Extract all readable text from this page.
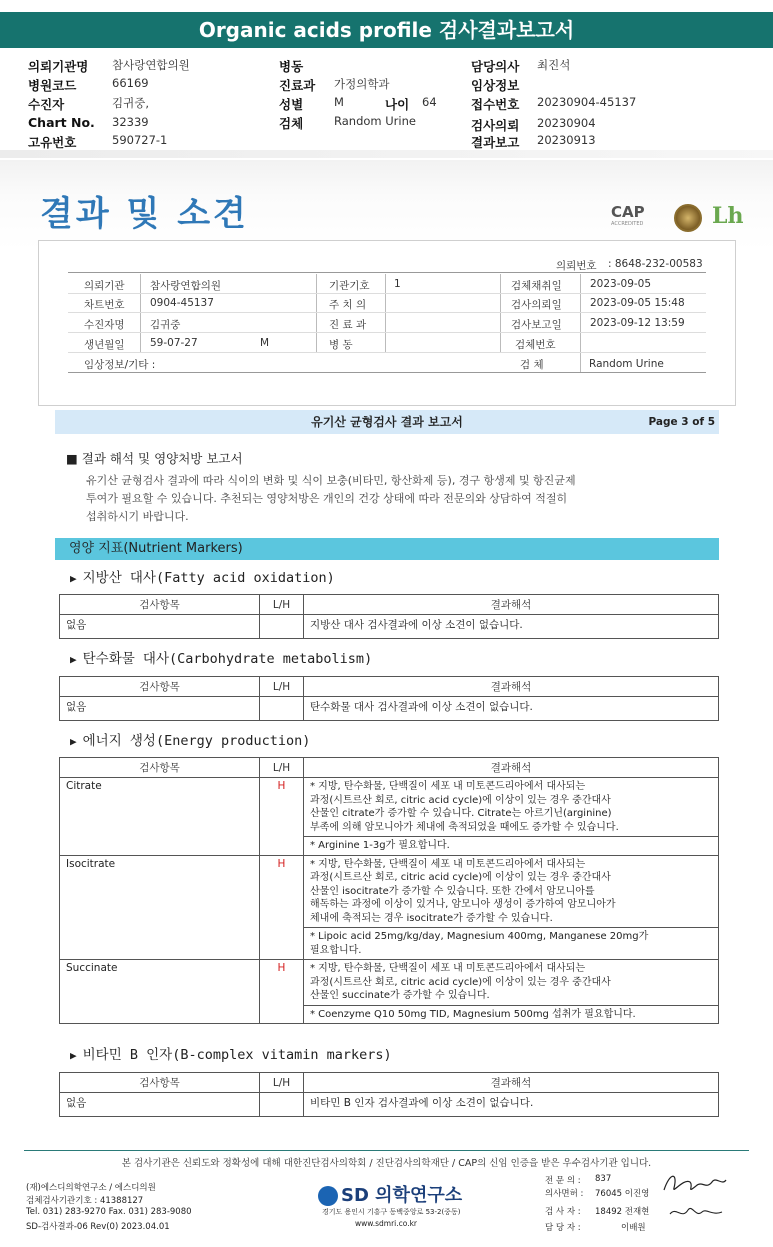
Organic acids profile 검사결과보고서
의뢰기관명 참사랑연합의원
병원코드	66169
수진자	김귀중,
Chart No. 32339
고유번호	590727-1
병동
진료과 가정의학과
성별	M	나이 64
검체	Random Urine
담당의사 최진석
임상정보
접수번호 20230904-45137
검사의뢰 20230904
결과보고 20230913
결과 및 소견	CAP
ACCREDITED	Lh
의뢰번호 : 8648-232-00583
의뢰기관 참사랑연합의원	기관기호 1	검체채취일	2023-09-05
차트번호 0904-45137	주 치 의	검사의뢰일	2023-09-05 15:48
수진자명 김귀중	진 료 과	검사보고일	2023-09-12 13:59
생년월일 59-07-27	M	병 동	검체번호
임상정보/기타 :	검 체	Random Urine
유기산 균형검사 결과 보고서	Page 3 of 5
■ 결과 해석 및 영양처방 보고서
유기산 균형검사 결과에 따라 식이의 변화 및 식이 보충(비타민, 항산화제 등), 경구 항생제 및 항진균제
투여가 필요할 수 있습니다. 추천되는 영양처방은 개인의 건강 상태에 따라 전문의와 상담하여 적절히
섭취하시기 바랍니다.
영양 지표(Nutrient Markers)
▶ 지방산 대사(Fatty acid oxidation)
검사항목	L/H	결과해석
없음		지방산 대사 검사결과에 이상 소견이 없습니다.
▶ 탄수화물 대사(Carbohydrate metabolism)
검사항목	L/H	결과해석
없음		탄수화물 대사 검사결과에 이상 소견이 없습니다.
▶ 에너지 생성(Energy production)
검사항목	L/H	결과해석
Citrate	H	* 지방, 탄수화물, 단백질이 세포 내 미토콘드리아에서 대사되는
과정(시트르산 회로, citric acid cycle)에 이상이 있는 경우 중간대사
산물인 citrate가 증가할 수 있습니다. Citrate는 아르기닌(arginine)
부족에 의해 암모니아가 체내에 축적되었을 때에도 증가할 수 있습니다.

		* Arginine 1-3g가 필요합니다.

Isocitrate	H	* 지방, 탄수화물, 단백질이 세포 내 미토콘드리아에서 대사되는
과정(시트르산 회로, citric acid cycle)에 이상이 있는 경우 중간대사
산물인 isocitrate가 증가할 수 있습니다. 또한 간에서 암모니아를
해독하는 과정에 이상이 있거나, 암모니아 생성이 증가하여 암모니아가
체내에 축적되는 경우 isocitrate가 증가할 수 있습니다.

		* Lipoic acid 25mg/kg/day, Magnesium 400mg, Manganese 20mg가
필요합니다.

Succinate	H	* 지방, 탄수화물, 단백질이 세포 내 미토콘드리아에서 대사되는
과정(시트르산 회로, citric acid cycle)에 이상이 있는 경우 중간대사
산물인 succinate가 증가할 수 있습니다.

		* Coenzyme Q10 50mg TID, Magnesium 500mg 섭취가 필요합니다.
▶ 비타민 B 인자(B-complex vitamin markers)
검사항목	L/H	결과해석
없음		비타민 B 인자 검사결과에 이상 소견이 없습니다.
본 검사기관은 신뢰도와 정확성에 대해 대한진단검사의학회 / 진단검사의학재단 / CAP의 신임 인증을 받은 우수검사기관 입니다.
(재)에스디의학연구소 / 에스디의원
검체검사기관기호 : 41388127
Tel. 031) 283-9270 Fax. 031) 283-9080
SD-검사결과-06 Rev(0) 2023.04.01
SD 의학연구소
경기도 용인시 기흥구 동백중앙로 53-2(중동)
www.sdmri.co.kr
전 문 의 : 837
의사면허 : 76045 이진영
검 사 자 : 18492 전재현
담 당 자 :	이배원
